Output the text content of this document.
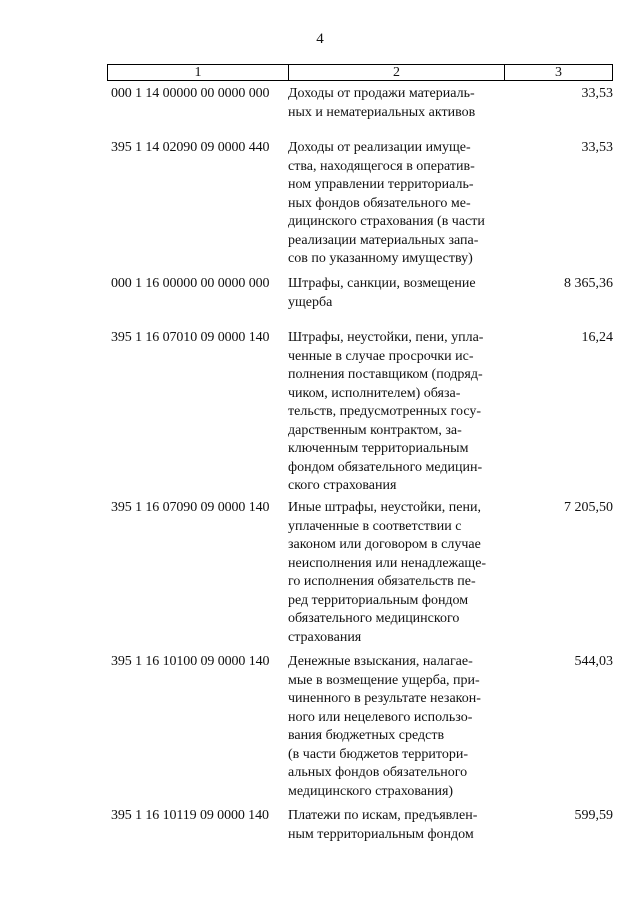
4
1	2	3
000 1 14 00000 00 0000 000 Доходы от продажи материаль-
ных и нематериальных активов
33,53
395 1 14 02090 09 0000 440 Доходы от реализации имуще-
ства, находящегося в оператив-
ном управлении территориаль-
ных фондов обязательного ме-
дицинского страхования (в части
реализации материальных запа-
сов по указанному имуществу)
33,53
000 1 16 00000 00 0000 000 Штрафы, санкции, возмещение
ущерба
8 365,36
395 1 16 07010 09 0000 140 Штрафы, неустойки, пени, упла-
ченные в случае просрочки ис-
полнения поставщиком (подряд-
чиком, исполнителем) обяза-
тельств, предусмотренных госу-
дарственным контрактом, за-
ключенным территориальным
фондом обязательного медицин-
ского страхования
16,24
395 1 16 07090 09 0000 140 Иные штрафы, неустойки, пени,
уплаченные в соответствии с
законом или договором в случае
неисполнения или ненадлежаще-
го исполнения обязательств пе-
ред территориальным фондом
обязательного медицинского
страхования
7 205,50
395 1 16 10100 09 0000 140 Денежные взыскания, налагае-
мые в возмещение ущерба, при-
чиненного в результате незакон-
ного или нецелевого использо-
вания бюджетных средств
(в части бюджетов территори-
альных фондов обязательного
медицинского страхования)
544,03
395 1 16 10119 09 0000 140 Платежи по искам, предъявлен-
ным территориальным фондом
599,59
